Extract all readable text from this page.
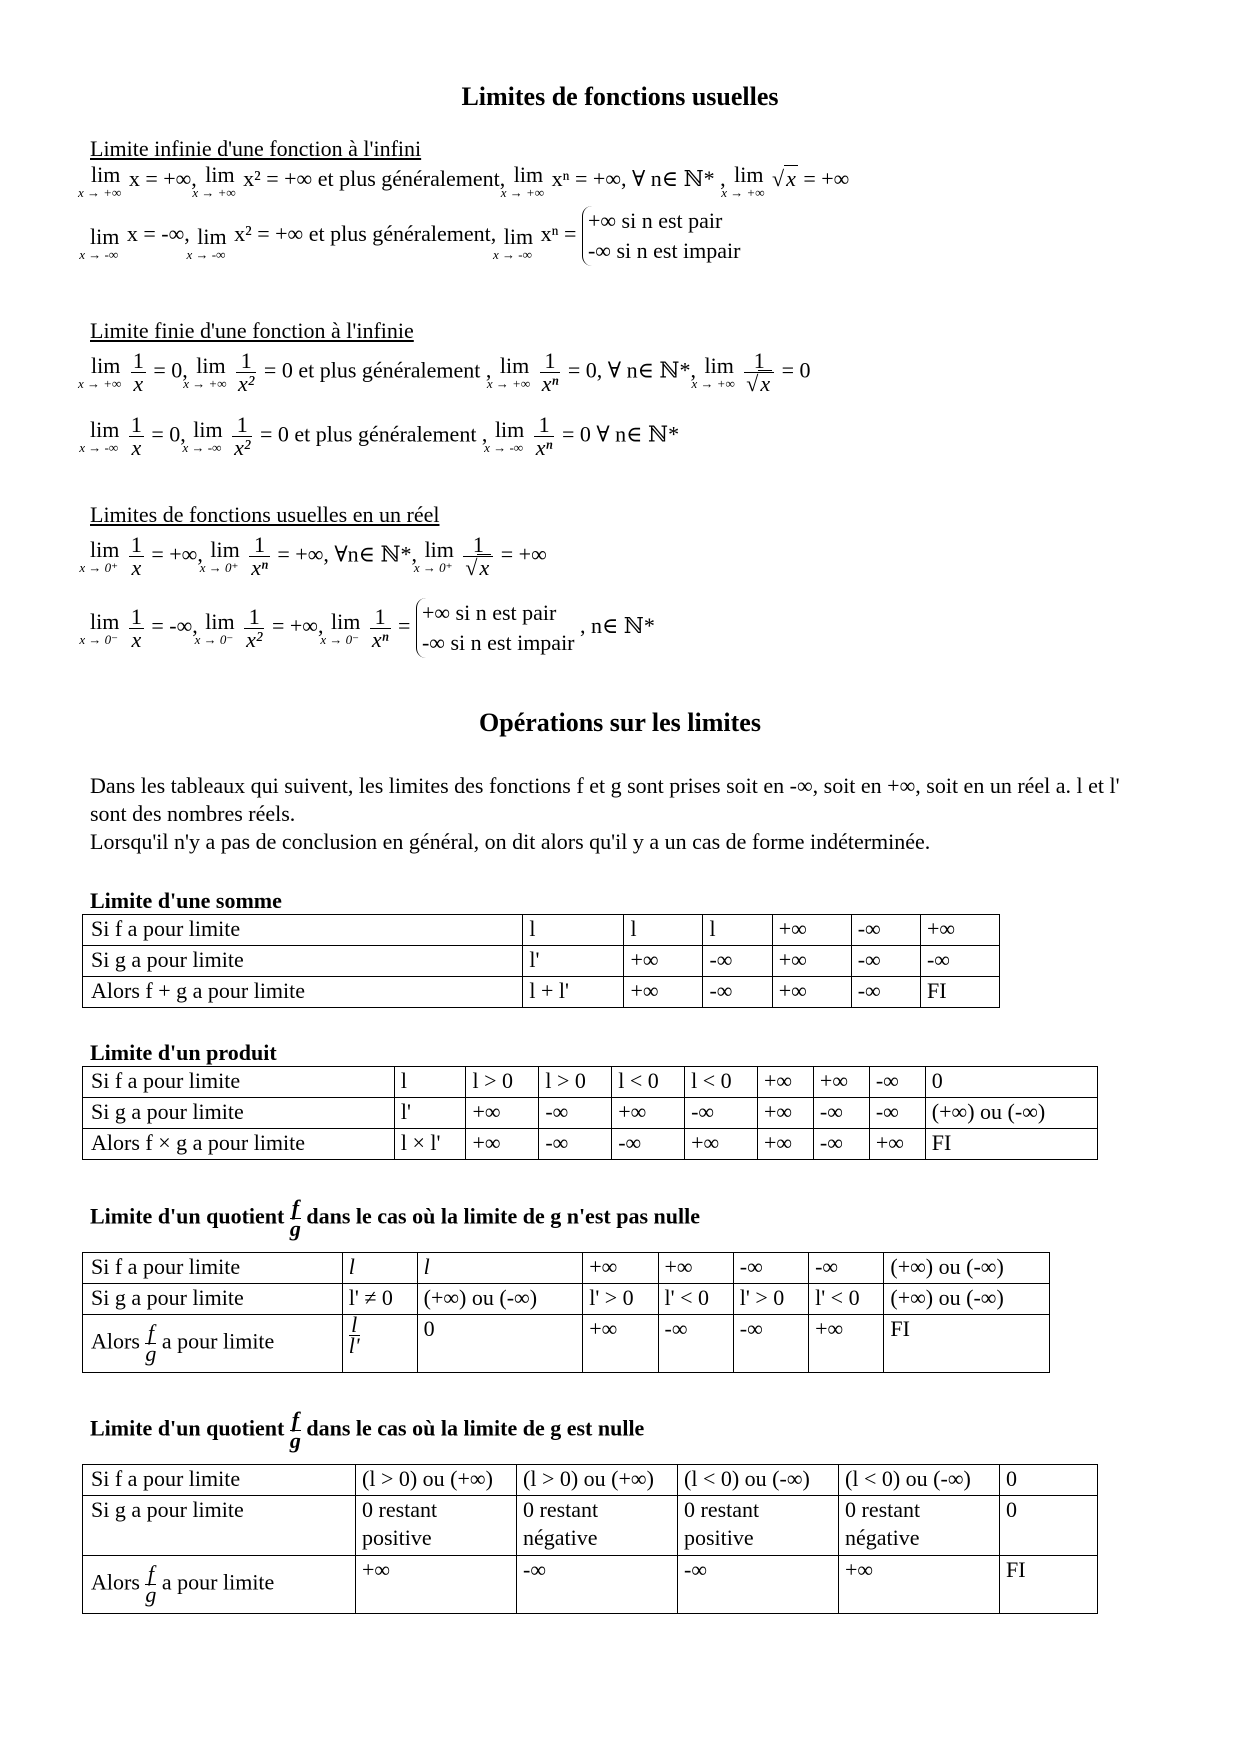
Limites de fonctions usuelles
Limite infinie d'une fonction à l'infini
lim
x → +∞
x = +∞, lim
x → +∞
x² = +∞ et plus généralement, lim
x → +∞
xⁿ = +∞, ∀ n∈ ℕ* , lim
x → +∞
√x = +∞
lim
x → -∞
x = -∞, lim
x → -∞
x² = +∞ et plus généralement, lim
x → -∞
xⁿ =
+∞ si n est pair
-∞ si n est impair
Limite finie d'une fonction à l'infinie
lim
x → +∞
$\frac{1}{x} = 0$, lim
x → +∞
$\frac{1}{\text{x²}} = 0$ et plus généralement , lim
x → +∞
$\frac{1}{\text{xⁿ}} = 0$, ∀ n∈ ℕ*, lim
x → +∞
$\frac{1}{√x} = 0$
lim
x → -∞
$\frac{1}{x} = 0$, lim
x → -∞
$\frac{1}{\text{x²}} = 0$ et plus généralement , lim
x → -∞
$\frac{1}{\text{xⁿ}} = 0$ ∀ n∈ ℕ*
Limites de fonctions usuelles en un réel
lim
x → 0⁺
$\frac{1}{x}$ = +∞, lim
x → 0⁺
$\frac{1}{\text{xⁿ}}$ = +∞, ∀n∈ ℕ*, lim
x → 0⁺
$\frac{1}{√x}$ = +∞
lim
x → 0⁻
$\frac{1}{x}$ = -∞, lim
x → 0⁻
$\frac{1}{\text{x²}}$ = +∞, lim
x → 0⁻
$\frac{1}{\text{xⁿ}}$ =
+∞ si n est pair
-∞ si n est impair
, n∈ ℕ*
Opérations sur les limites
Dans les tableaux qui suivent, les limites des fonctions f et g sont prises soit en -∞, soit en +∞, soit en un réel a. l et l' sont des nombres réels.
Lorsqu'il n'y a pas de conclusion en général, on dit alors qu'il y a un cas de forme indéterminée.
Limite d'une somme
Si f a pour limite	l	l	l	+∞	-∞	+∞
Si g a pour limite	l'	+∞	-∞	+∞	-∞	-∞
Alors f + g a pour limite	l + l'	+∞	-∞	+∞	-∞	FI
Limite d'un produit
Si f a pour limite	l	l > 0	l > 0	l < 0	l < 0	+∞	+∞	-∞	0
Si g a pour limite	l'	+∞	-∞	+∞	-∞	+∞	-∞	-∞	(+∞) ou (-∞)
Alors f × g a pour limite	l × l'	+∞	-∞	-∞	+∞	+∞	-∞	+∞	FI
Limite d'un quotient $\frac{f}{g}$ dans le cas où la limite de g n'est pas nulle
Si f a pour limite	l	l	+∞	+∞	-∞	-∞	(+∞) ou (-∞)
Si g a pour limite	l' ≠ 0	(+∞) ou (-∞)	l' > 0	l' < 0	l' > 0	l' < 0	(+∞) ou (-∞)
Alors $\frac{f}{g}$ a pour limite	$\frac{l}{l'}$	0	+∞	-∞	-∞	+∞	FI
Limite d'un quotient $\frac{f}{g}$ dans le cas où la limite de g est nulle
Si f a pour limite	(l > 0) ou (+∞)	(l > 0) ou (+∞)	(l < 0) ou (-∞)	(l < 0) ou (-∞)	0
Si g a pour limite	0 restant positive	0 restant négative	0 restant positive	0 restant négative	0
Alors $\frac{f}{g}$ a pour limite	+∞	-∞	-∞	+∞	FI
